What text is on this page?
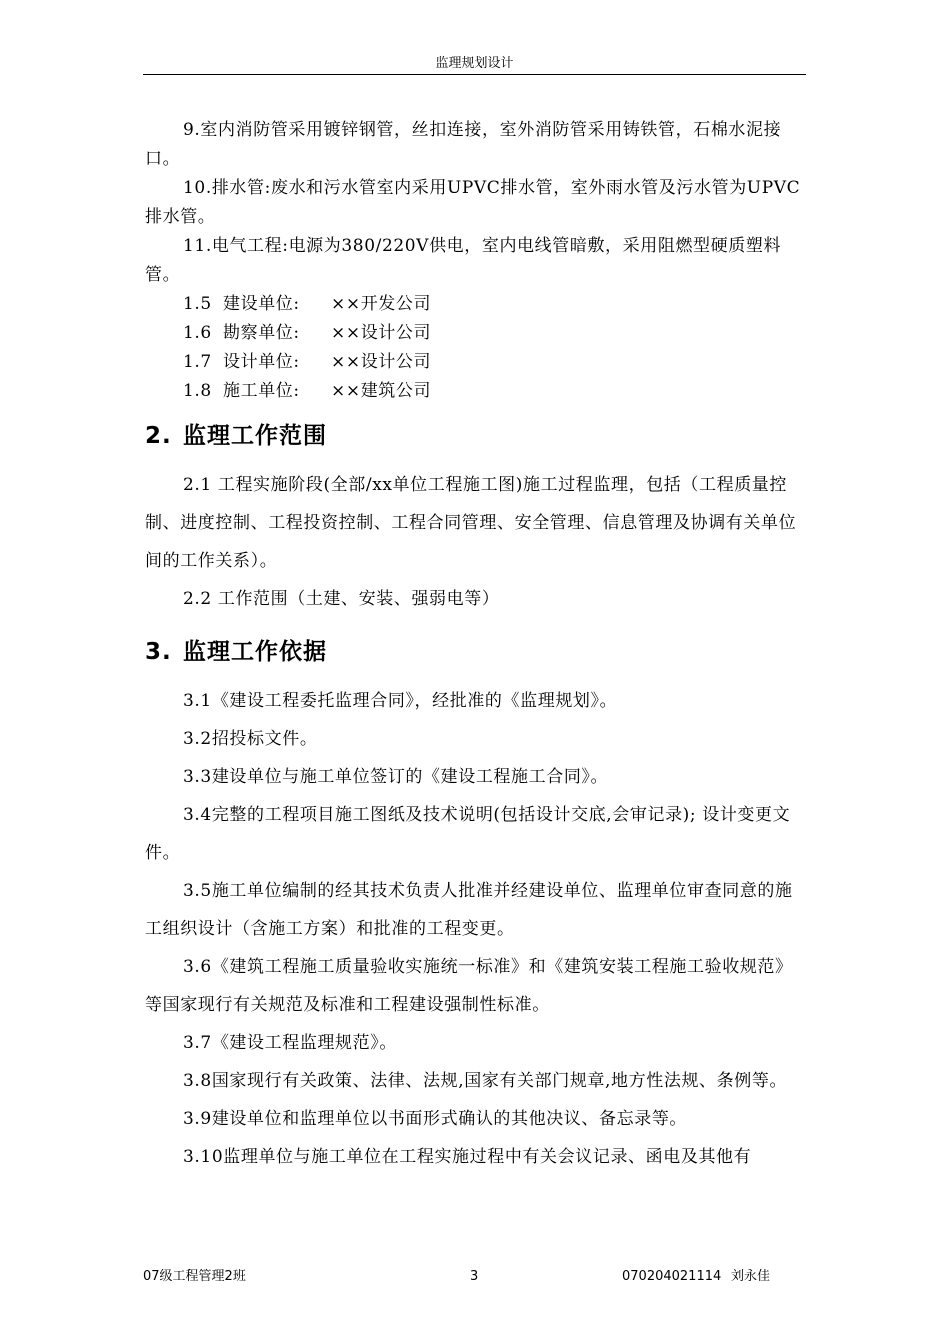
监理规划设计

9.室内消防管采用镀锌钢管，丝扣连接，室外消防管采用铸铁管，石棉水泥接口。

10.排水管:废水和污水管室内采用UPVC排水管，室外雨水管及污水管为UPVC排水管。

11.电气工程:电源为380/220V供电，室内电线管暗敷，采用阻燃型硬质塑料管。

1.5 建设单位: ××开发公司
1.6 勘察单位: ××设计公司
1.7 设计单位: ××设计公司
1.8 施工单位: ××建筑公司
2. 监理工作范围

2.1 工程实施阶段(全部/xx单位工程施工图)施工过程监理，包括（工程质量控制、进度控制、工程投资控制、工程合同管理、安全管理、信息管理及协调有关单位间的工作关系）。

2.2 工作范围（土建、安装、强弱电等）

3. 监理工作依据

3.1《建设工程委托监理合同》，经批准的《监理规划》。

3.2招投标文件。

3.3建设单位与施工单位签订的《建设工程施工合同》。

3.4完整的工程项目施工图纸及技术说明(包括设计交底,会审记录); 设计变更文件。

3.5施工单位编制的经其技术负责人批准并经建设单位、监理单位审查同意的施工组织设计（含施工方案）和批准的工程变更。

3.6《建筑工程施工质量验收实施统一标准》和《建筑安装工程施工验收规范》等国家现行有关规范及标准和工程建设强制性标准。

3.7《建设工程监理规范》。

3.8国家现行有关政策、法律、法规,国家有关部门规章,地方性法规、条例等。

3.9建设单位和监理单位以书面形式确认的其他决议、备忘录等。

3.10监理单位与施工单位在工程实施过程中有关会议记录、函电及其他有

07级工程管理2班	3	070204021114 刘永佳
